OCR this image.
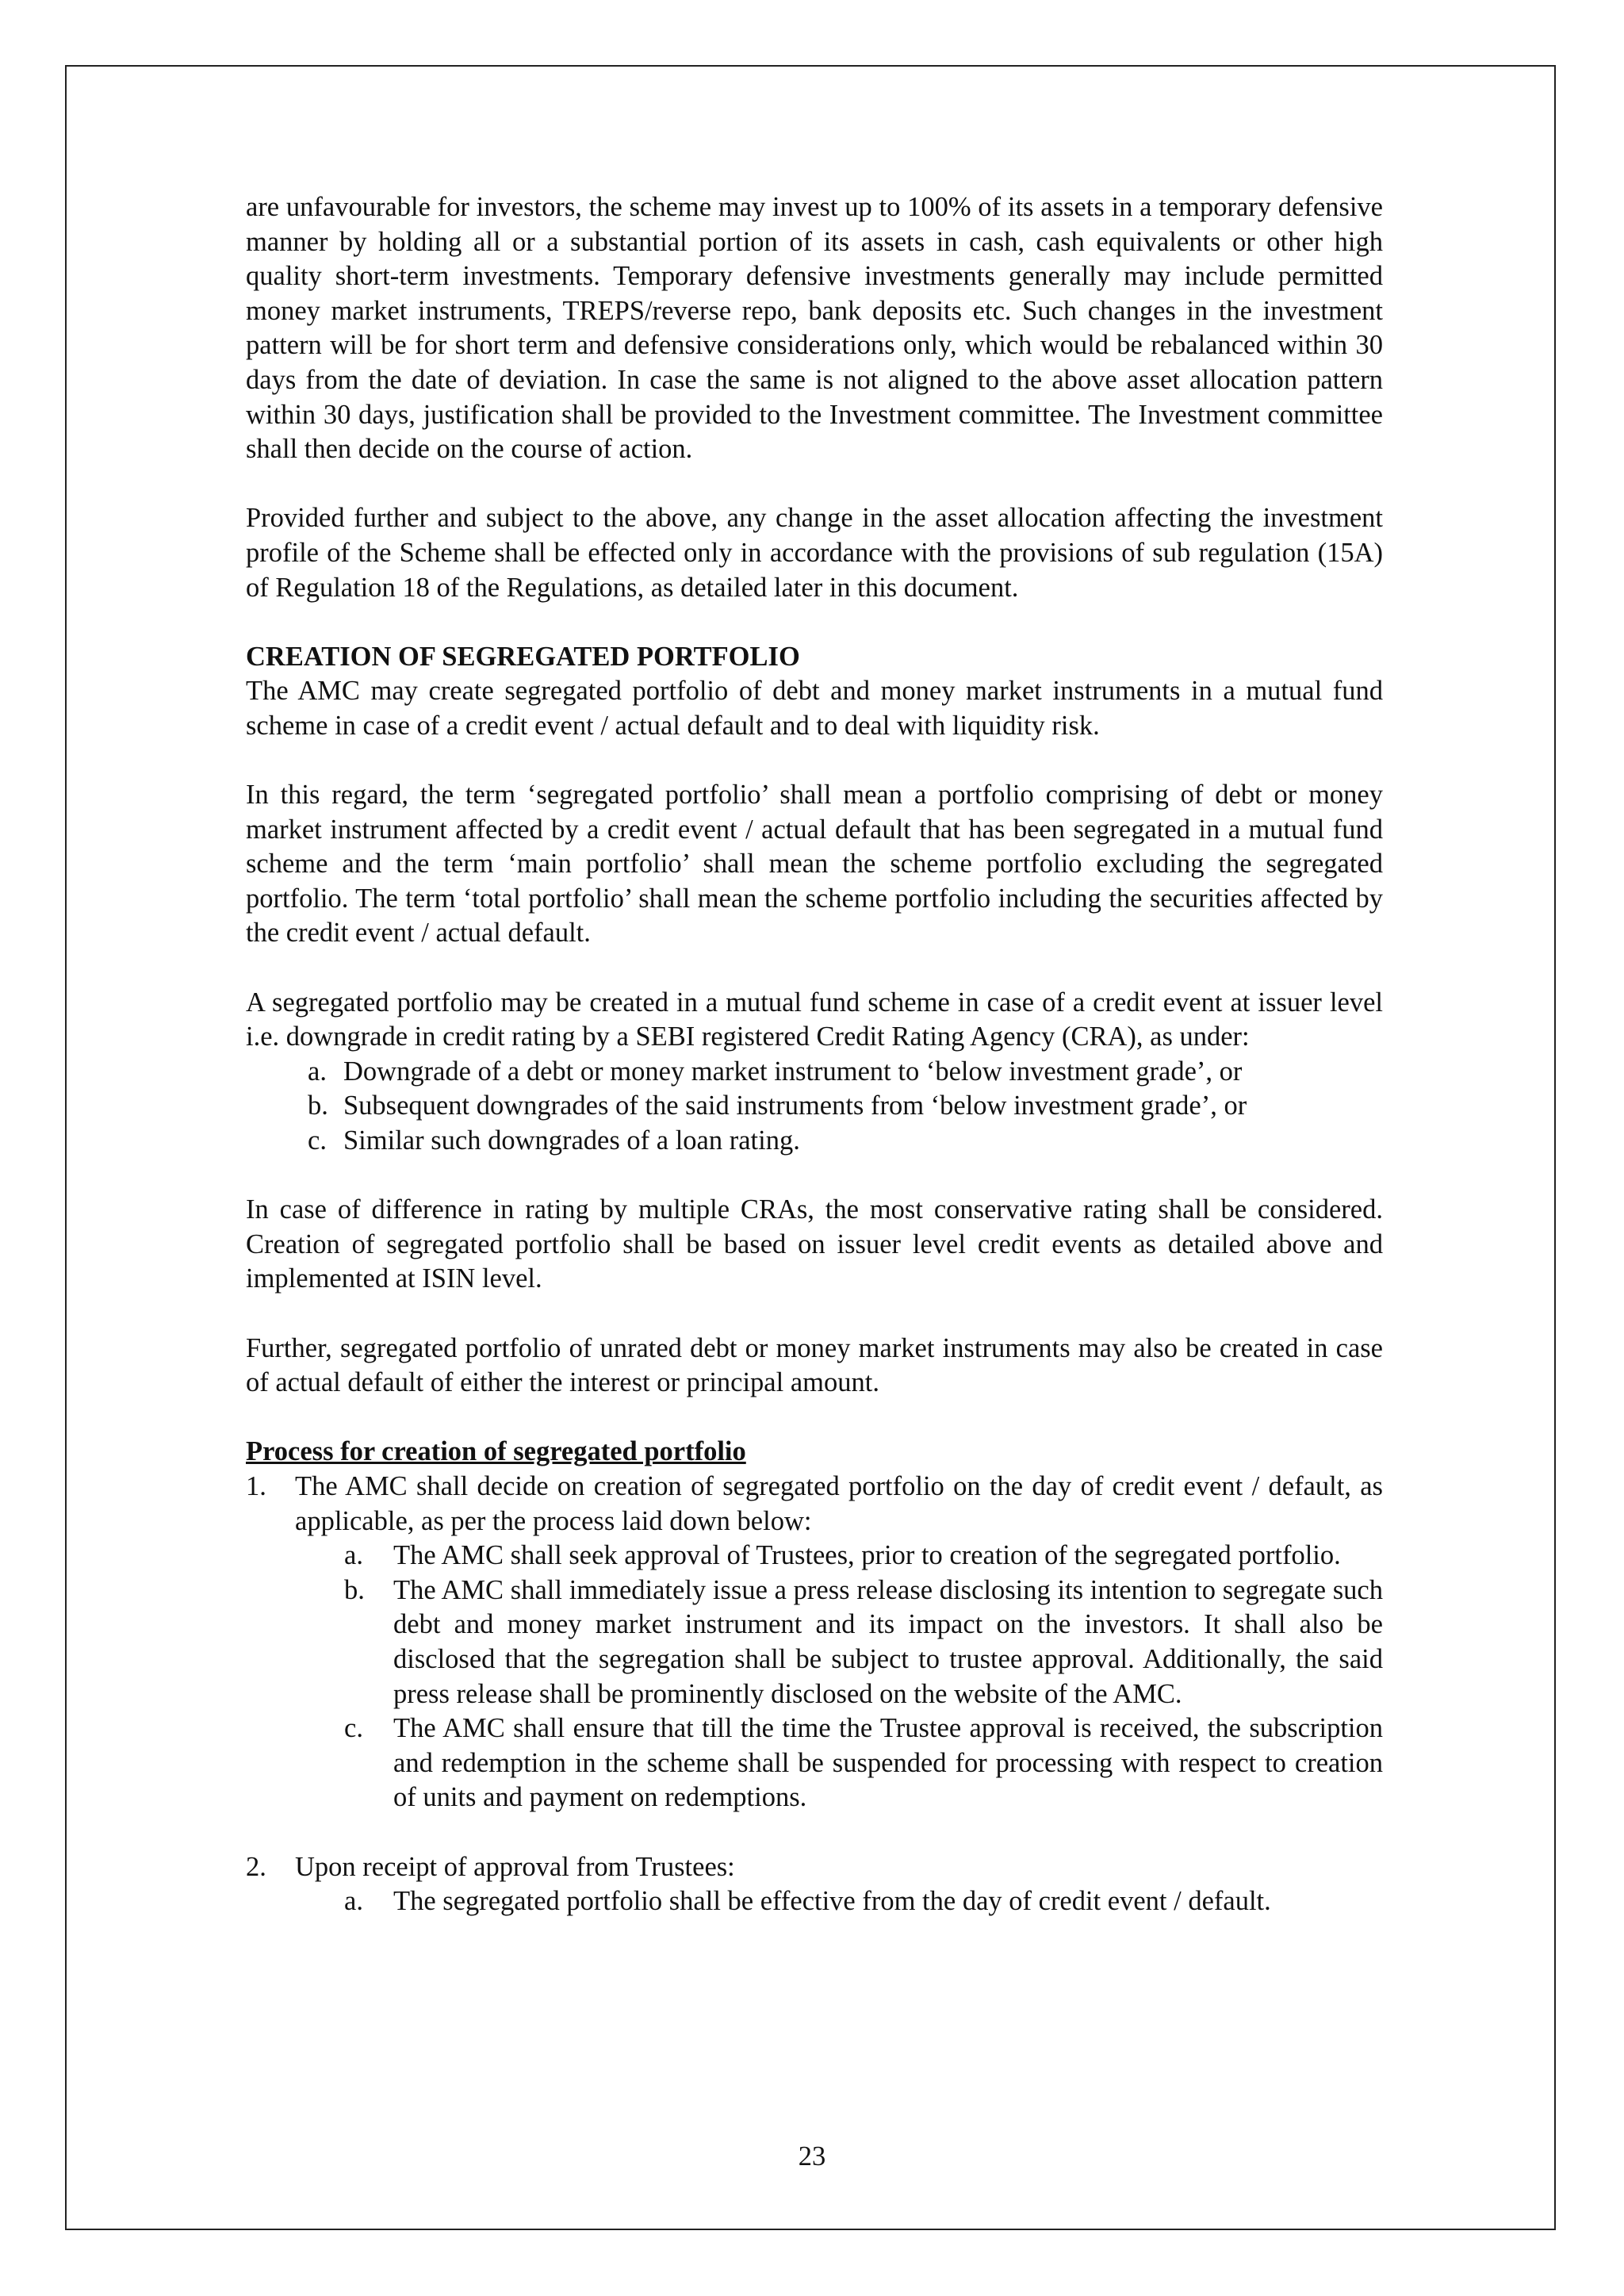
are unfavourable for investors, the scheme may invest up to 100% of its assets in a temporary defensive manner by holding all or a substantial portion of its assets in cash, cash equivalents or other high quality short-term investments. Temporary defensive investments generally may include permitted money market instruments, TREPS/reverse repo, bank deposits etc. Such changes in the investment pattern will be for short term and defensive considerations only, which would be rebalanced within 30 days from the date of deviation. In case the same is not aligned to the above asset allocation pattern within 30 days, justification shall be provided to the Investment committee. The Investment committee shall then decide on the course of action.

Provided further and subject to the above, any change in the asset allocation affecting the investment profile of the Scheme shall be effected only in accordance with the provisions of sub regulation (15A) of Regulation 18 of the Regulations, as detailed later in this document.

CREATION OF SEGREGATED PORTFOLIO

The AMC may create segregated portfolio of debt and money market instruments in a mutual fund scheme in case of a credit event / actual default and to deal with liquidity risk.

In this regard, the term ‘segregated portfolio’ shall mean a portfolio comprising of debt or money market instrument affected by a credit event / actual default that has been segregated in a mutual fund scheme and the term ‘main portfolio’ shall mean the scheme portfolio excluding the segregated portfolio. The term ‘total portfolio’ shall mean the scheme portfolio including the securities affected by the credit event / actual default.

A segregated portfolio may be created in a mutual fund scheme in case of a credit event at issuer level i.e. downgrade in credit rating by a SEBI registered Credit Rating Agency (CRA), as under:

a. Downgrade of a debt or money market instrument to ‘below investment grade’, or
b. Subsequent downgrades of the said instruments from ‘below investment grade’, or
c. Similar such downgrades of a loan rating.

In case of difference in rating by multiple CRAs, the most conservative rating shall be considered. Creation of segregated portfolio shall be based on issuer level credit events as detailed above and implemented at ISIN level.

Further, segregated portfolio of unrated debt or money market instruments may also be created in case of actual default of either the interest or principal amount.

Process for creation of segregated portfolio

1. The AMC shall decide on creation of segregated portfolio on the day of credit event / default, as applicable, as per the process laid down below:
a. The AMC shall seek approval of Trustees, prior to creation of the segregated portfolio.
b. The AMC shall immediately issue a press release disclosing its intention to segregate such debt and money market instrument and its impact on the investors. It shall also be disclosed that the segregation shall be subject to trustee approval. Additionally, the said press release shall be prominently disclosed on the website of the AMC.
c. The AMC shall ensure that till the time the Trustee approval is received, the subscription and redemption in the scheme shall be suspended for processing with respect to creation of units and payment on redemptions.
2. Upon receipt of approval from Trustees:
a. The segregated portfolio shall be effective from the day of credit event / default.
23
